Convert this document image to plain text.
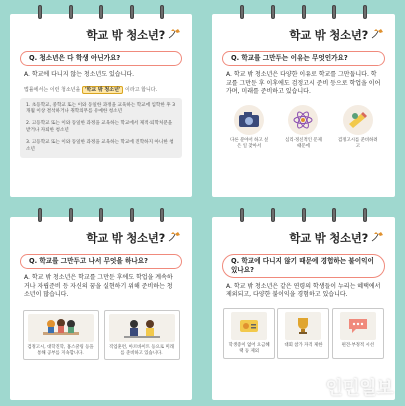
학교 밖 청소년?
Q. 청소년은 다 학생 아닌가요?
A. 학교에 다니지 않는 청소년도 있습니다.
법률에서는 이런 청소년을 '학교 밖 청소년' 이라고 합니다.
1. 초등학교, 중학교 또는 이와 동일한 과정을 교육하는 학교에 입학한 후 3개월 이상 결석하거나 취학의무를 유예한 청소년
2. 고등학교 또는 이와 동일한 과정을 교육하는 학교에서 제적·퇴학처분을 받거나 자퇴한 청소년
3. 고등학교 또는 이와 동일한 과정을 교육하는 학교에 진학하지 아니한 청소년
학교 밖 청소년?
Q. 학교를 그만두는 이유는 무엇인가요?
A. 학교 밖 청소년은 다양한 이유로 학교를 그만둡니다. 학교를 그만둔 후 이후에도 검정고시 준비 등으로 학업을 이어가며, 미래를 준비하고 있습니다.
다른 분야서 하고 싶은 일 찾아서
심리·정신적인 문제 때문에
검정고시를 준비하려고
학교 밖 청소년?
Q. 학교를 그만두고 나서 무엇을 하나요?
A. 학교 밖 청소년은 학교를 그만둔 후에도 학업을 계속하거나 자립준비 등 자신의 꿈을 실현하기 위해 준비하는 청소년이 많습니다.
검정고시, 대학진학, 홈스쿨링 등을 통해 공부를 지속합니다.
직업훈련, 아르바이트 등으로 미래를 준비하고 있습니다.
학교 밖 청소년?
Q. 학교에 다니지 않기 때문에 경험하는 불이익이 있나요?
A. 학교 밖 청소년은 같은 연령의 학생들이 누리는 혜택에서 제외되고, 다양한 불이익을 경험하고 있습니다.
학생증이 없어 요금혜택 등 제외
대회 참가 자격 제한	편견·부정적 시선
인민일보
